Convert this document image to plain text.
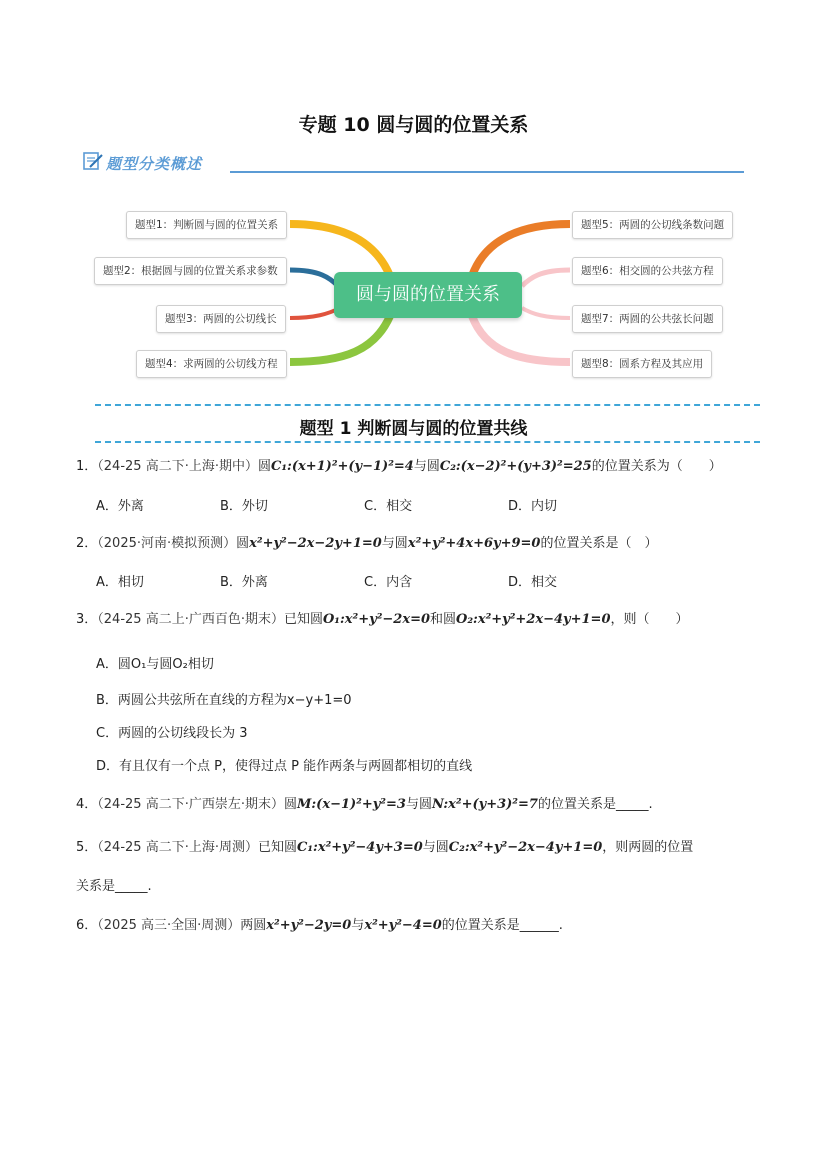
专题 10 圆与圆的位置关系
题型分类概述
圆与圆的位置关系
题型1：判断圆与圆的位置关系
题型2：根据圆与圆的位置关系求参数
题型3：两圆的公切线长
题型4：求两圆的公切线方程
题型5：两圆的公切线条数问题
题型6：相交圆的公共弦方程
题型7：两圆的公共弦长问题
题型8：圆系方程及其应用
题型 1 判断圆与圆的位置共线
1．（24-25 高二下·上海·期中）圆C₁:(x+1)²+(y−1)²=4与圆C₂:(x−2)²+(y+3)²=25的位置关系为（　　）
A．外离	B．外切	C．相交	D．内切
2．（2025·河南·模拟预测）圆x²+y²−2x−2y+1=0与圆x²+y²+4x+6y+9=0的位置关系是（　）
A．相切	B．外离	C．内含	D．相交
3．（24-25 高二上·广西百色·期末）已知圆O₁:x²+y²−2x=0和圆O₂:x²+y²+2x−4y+1=0，则（　　）
A．圆O₁与圆O₂相切
B．两圆公共弦所在直线的方程为x−y+1=0
C．两圆的公切线段长为 3
D．有且仅有一个点 P，使得过点 P 能作两条与两圆都相切的直线
4．（24-25 高二下·广西崇左·期末）圆M:(x−1)²+y²=3与圆N:x²+(y+3)²=7的位置关系是_____.
5．（24-25 高二下·上海·周测）已知圆C₁:x²+y²−4y+3=0与圆C₂:x²+y²−2x−4y+1=0，则两圆的位置
关系是_____.
6．（2025 高三·全国·周测）两圆x²+y²−2y=0与x²+y²−4=0的位置关系是______.
